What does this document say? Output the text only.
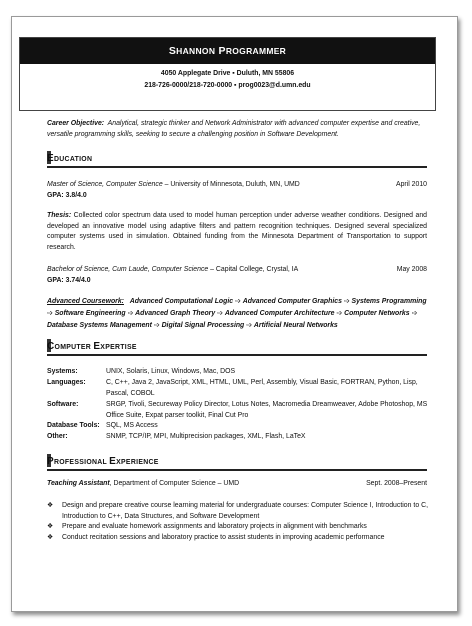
SHANNON PROGRAMMER
4050 Applegate Drive ▪ Duluth, MN 55806
218-726-0000/218-720-0000 ▪ prog0023@d.umn.edu
Career Objective: Analytical, strategic thinker and Network Administrator with advanced computer expertise and creative, versatile programming skills, seeking to secure a challenging position in Software Development.
EDUCATION
Master of Science, Computer Science – University of Minnesota, Duluth, MN, UMD	April 2010
GPA: 3.8/4.0
Thesis: Collected color spectrum data used to model human perception under adverse weather conditions. Designed and developed an innovative model using adaptive filters and pattern recognition techniques. Designed several specialized computer systems used in simulation. Obtained funding from the Minnesota Department of Transportation to support research.
Bachelor of Science, Cum Laude, Computer Science – Capital College, Crystal, IA	May 2008
GPA: 3.74/4.0
Advanced Coursework: Advanced Computational Logic ➩ Advanced Computer Graphics ➩ Systems Programming ➩ Software Engineering ➩ Advanced Graph Theory ➩ Advanced Computer Architecture ➩ Computer Networks ➩ Database Systems Management ➩ Digital Signal Processing ➩ Artificial Neural Networks
COMPUTER EXPERTISE
Systems:	UNIX, Solaris, Linux, Windows, Mac, DOS
Languages:	C, C++, Java 2, JavaScript, XML, HTML, UML, Perl, Assembly, Visual Basic, FORTRAN, Python, Lisp, Pascal, COBOL
Software:	SRGP, Tivoli, Secureway Policy Director, Lotus Notes, Macromedia Dreamweaver, Adobe Photoshop, MS Office Suite, Expat parser toolkit, Final Cut Pro
Database Tools: SQL, MS Access
Other:	SNMP, TCP/IP, MPI, Multiprecision packages, XML, Flash, LaTeX
PROFESSIONAL EXPERIENCE
Teaching Assistant, Department of Computer Science – UMD	Sept. 2008–Present
❖ Design and prepare creative course learning material for undergraduate courses: Computer Science I, Introduction to C, Introduction to C++, Data Structures, and Software Development
❖ Prepare and evaluate homework assignments and laboratory projects in alignment with benchmarks
❖ Conduct recitation sessions and laboratory practice to assist students in improving academic performance
